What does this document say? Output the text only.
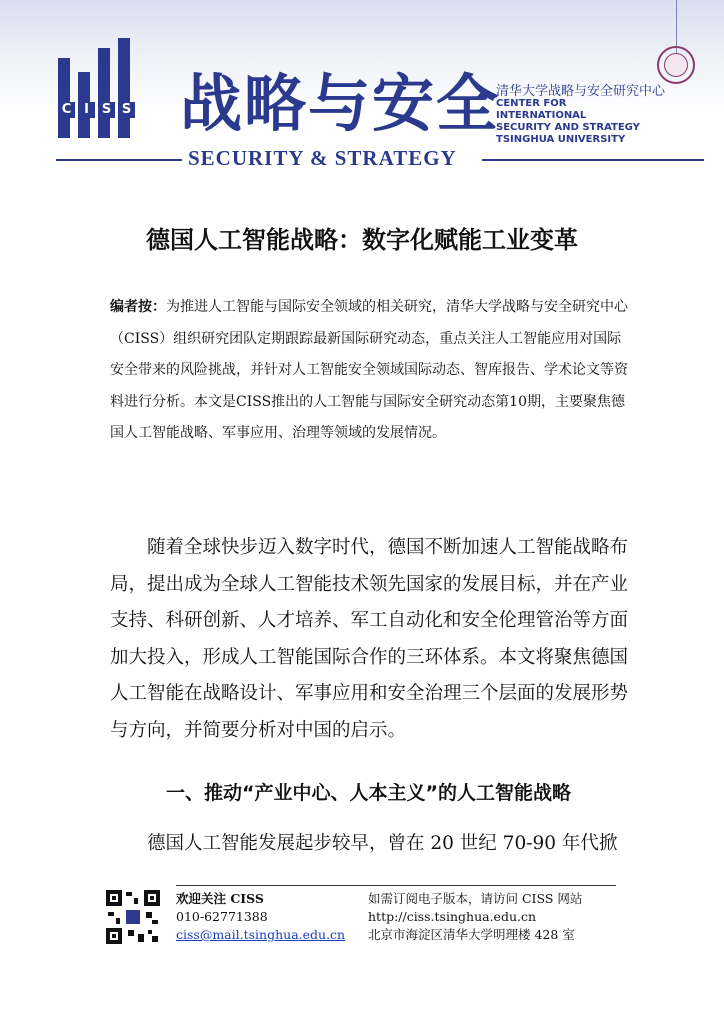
C I S S 战略与安全
SECURITY & STRATEGY
清华大学战略与安全研究中心
CENTER FOR
INTERNATIONAL
SECURITY AND STRATEGY
TSINGHUA UNIVERSITY
德国人工智能战略：数字化赋能工业变革
编者按：为推进人工智能与国际安全领域的相关研究，清华大学战略与安全研究中心（CISS）组织研究团队定期跟踪最新国际研究动态，重点关注人工智能应用对国际安全带来的风险挑战，并针对人工智能安全领域国际动态、智库报告、学术论文等资料进行分析。本文是CISS推出的人工智能与国际安全研究动态第10期，主要聚焦德国人工智能战略、军事应用、治理等领域的发展情况。
随着全球快步迈入数字时代，德国不断加速人工智能战略布局，提出成为全球人工智能技术领先国家的发展目标，并在产业支持、科研创新、人才培养、军工自动化和安全伦理管治等方面加大投入，形成人工智能国际合作的三环体系。本文将聚焦德国人工智能在战略设计、军事应用和安全治理三个层面的发展形势与方向，并简要分析对中国的启示。
一、推动“产业中心、人本主义”的人工智能战略
德国人工智能发展起步较早，曾在 20 世纪 70-90 年代掀
欢迎关注 CISS
010-62771388
ciss@mail.tsinghua.edu.cn
如需订阅电子版本，请访问 CISS 网站
http://ciss.tsinghua.edu.cn
北京市海淀区清华大学明理楼 428 室
